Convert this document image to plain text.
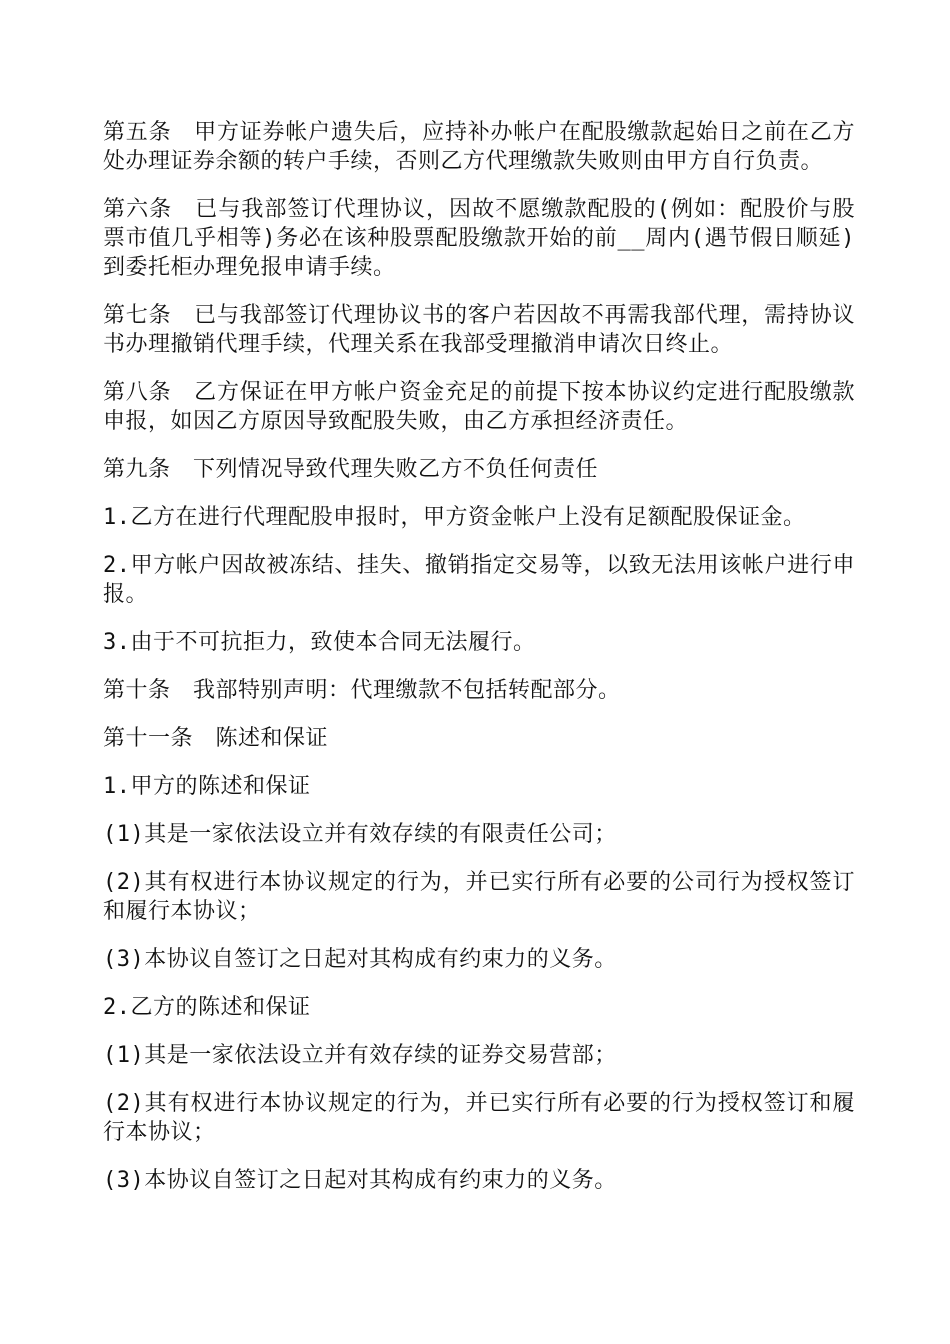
第五条　甲方证券帐户遗失后，应持补办帐户在配股缴款起始日之前在乙方处办理证券余额的转户手续，否则乙方代理缴款失败则由甲方自行负责。

第六条　已与我部签订代理协议，因故不愿缴款配股的(例如：配股价与股票市值几乎相等)务必在该种股票配股缴款开始的前__周内(遇节假日顺延)到委托柜办理免报申请手续。

第七条　已与我部签订代理协议书的客户若因故不再需我部代理，需持协议书办理撤销代理手续，代理关系在我部受理撤消申请次日终止。

第八条　乙方保证在甲方帐户资金充足的前提下按本协议约定进行配股缴款申报，如因乙方原因导致配股失败，由乙方承担经济责任。

第九条　下列情况导致代理失败乙方不负任何责任

1.乙方在进行代理配股申报时，甲方资金帐户上没有足额配股保证金。

2.甲方帐户因故被冻结、挂失、撤销指定交易等，以致无法用该帐户进行申报。

3.由于不可抗拒力，致使本合同无法履行。

第十条　我部特别声明：代理缴款不包括转配部分。

第十一条　陈述和保证

1.甲方的陈述和保证

(1)其是一家依法设立并有效存续的有限责任公司；

(2)其有权进行本协议规定的行为，并已实行所有必要的公司行为授权签订和履行本协议；

(3)本协议自签订之日起对其构成有约束力的义务。

2.乙方的陈述和保证

(1)其是一家依法设立并有效存续的证券交易营部；

(2)其有权进行本协议规定的行为，并已实行所有必要的行为授权签订和履行本协议；

(3)本协议自签订之日起对其构成有约束力的义务。
